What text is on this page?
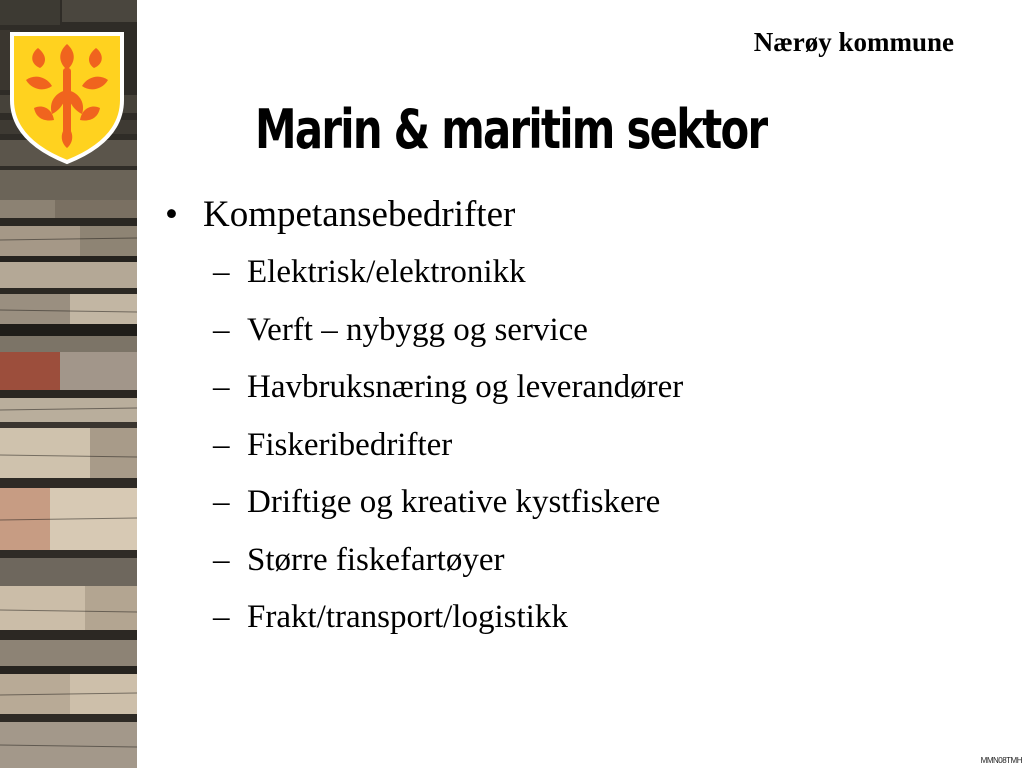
Nærøy kommune
Marin & maritim sektor
• Kompetansebedrifter
– Elektrisk/elektronikk
– Verft – nybygg og service
– Havbruksnæring og leverandører
– Fiskeribedrifter
– Driftige og kreative kystfiskere
– Større fiskefartøyer
– Frakt/transport/logistikk
MMN08TMH
